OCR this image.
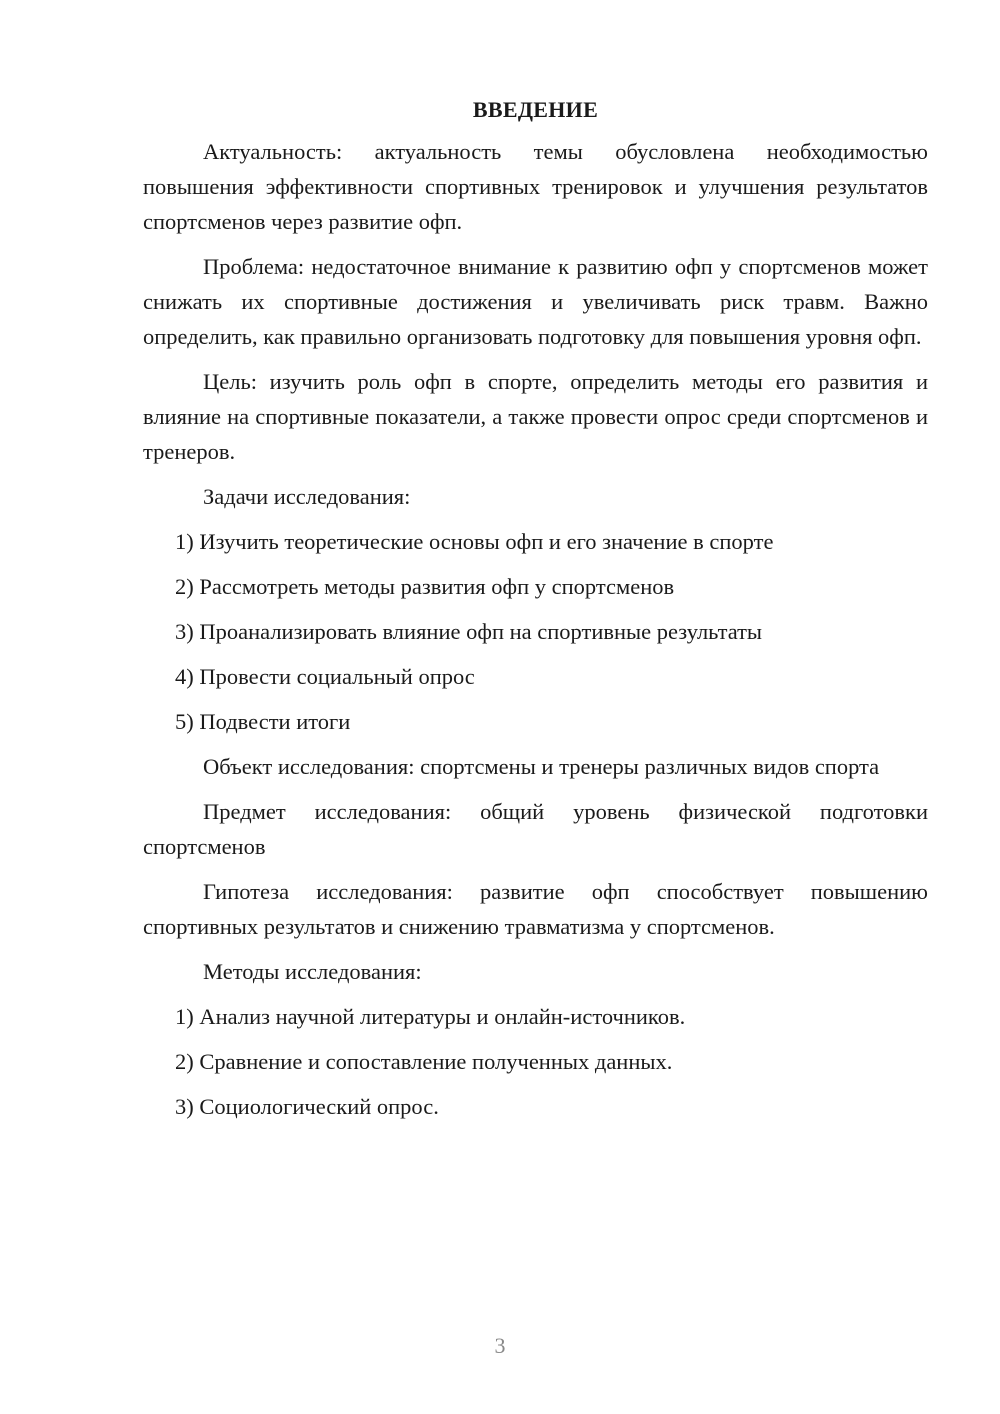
ВВЕДЕНИЕ

Актуальность: актуальность темы обусловлена необходимостью повышения эффективности спортивных тренировок и улучшения результатов спортсменов через развитие офп.

Проблема: недостаточное внимание к развитию офп у спортсменов может снижать их спортивные достижения и увеличивать риск травм. Важно определить, как правильно организовать подготовку для повышения уровня офп.

Цель: изучить роль офп в спорте, определить методы его развития и влияние на спортивные показатели, а также провести опрос среди спортсменов и тренеров.

Задачи исследования:
1) Изучить теоретические основы офп и его значение в спорте
2) Рассмотреть методы развития офп у спортсменов
3) Проанализировать влияние офп на спортивные результаты
4) Провести социальный опрос
5) Подвести итоги

Объект исследования: спортсмены и тренеры различных видов спорта

Предмет исследования: общий уровень физической подготовки спортсменов

Гипотеза исследования: развитие офп способствует повышению спортивных результатов и снижению травматизма у спортсменов.

Методы исследования:
1) Анализ научной литературы и онлайн-источников.
2) Сравнение и сопоставление полученных данных.
3) Социологический опрос.
3
